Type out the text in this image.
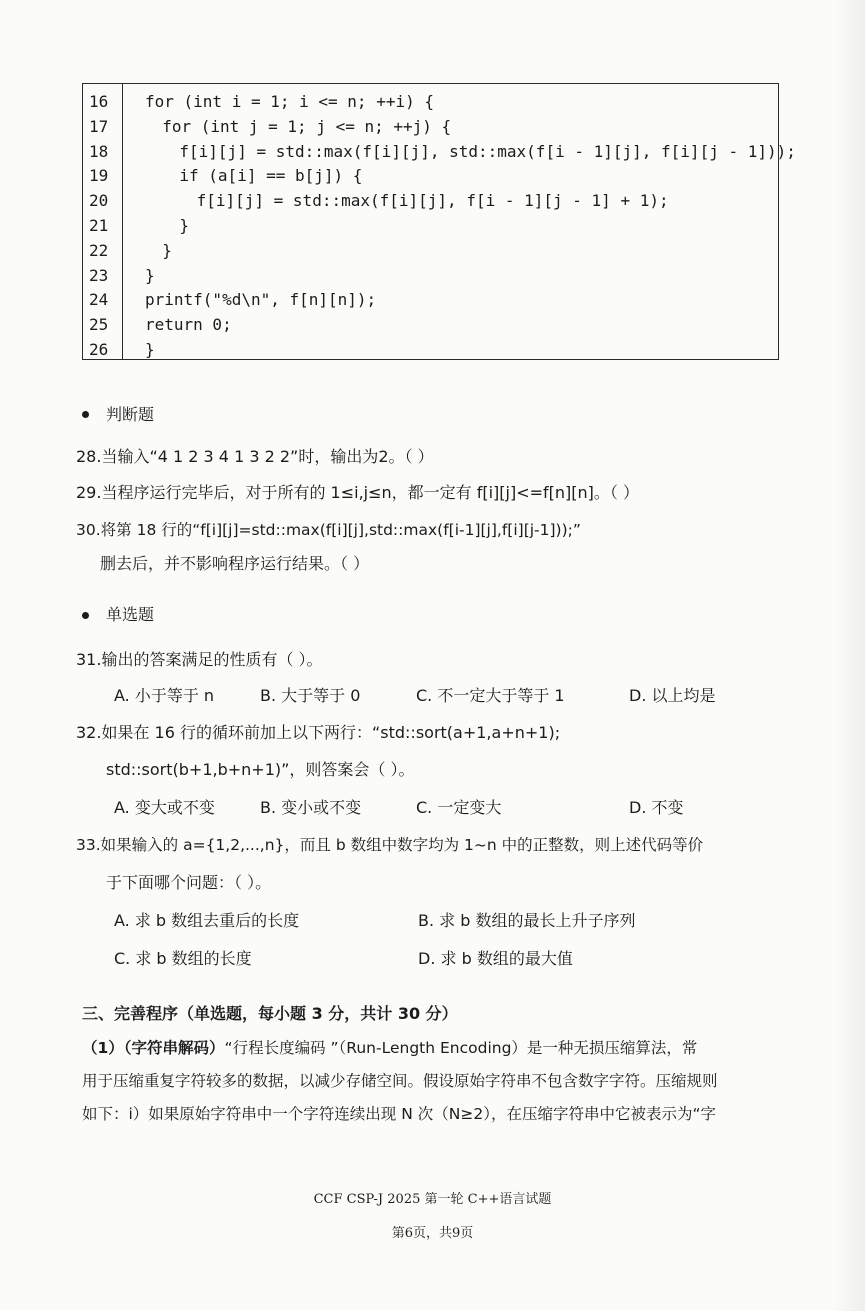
16	for (int i = 1; i <= n; ++i) {
17	for (int j = 1; j <= n; ++j) {
18	f[i][j] = std::max(f[i][j], std::max(f[i - 1][j], f[i][j - 1]));
19	if (a[i] == b[j]) {
20	f[i][j] = std::max(f[i][j], f[i - 1][j - 1] + 1);
21	}
22	}
23	}
24	printf("%d\n", f[n][n]);
25	return 0;
26	}
判断题
28.当输入“4 1 2 3 4 1 3 2 2”时，输出为2。（ ）
29.当程序运行完毕后，对于所有的 1≤i,j≤n，都一定有 f[i][j]<=f[n][n]。（ ）
30.将第 18 行的“f[i][j]=std::max(f[i][j],std::max(f[i-1][j],f[i][j-1]));”
删去后，并不影响程序运行结果。（ ）
单选题
31.输出的答案满足的性质有（ ）。
A. 小于等于 n	B. 大于等于 0	C. 不一定大于等于 1	D. 以上均是
32.如果在 16 行的循环前加上以下两行：“std::sort(a+1,a+n+1);
std::sort(b+1,b+n+1)”，则答案会（ ）。
A. 变大或不变	B. 变小或不变	C. 一定变大	D. 不变
33.如果输入的 a={1,2,...,n}，而且 b 数组中数字均为 1~n 中的正整数，则上述代码等价
于下面哪个问题：（ ）。
A. 求 b 数组去重后的长度	B. 求 b 数组的最长上升子序列
C. 求 b 数组的长度	D. 求 b 数组的最大值
三、完善程序（单选题，每小题 3 分，共计 30 分）
（1）（字符串解码）“行程长度编码 ”（Run-Length Encoding）是一种无损压缩算法，常
用于压缩重复字符较多的数据，以减少存储空间。假设原始字符串不包含数字字符。压缩规则
如下：i）如果原始字符串中一个字符连续出现 N 次（N≥2），在压缩字符串中它被表示为“字
CCF CSP-J 2025 第一轮 C++语言试题
第6页，共9页
